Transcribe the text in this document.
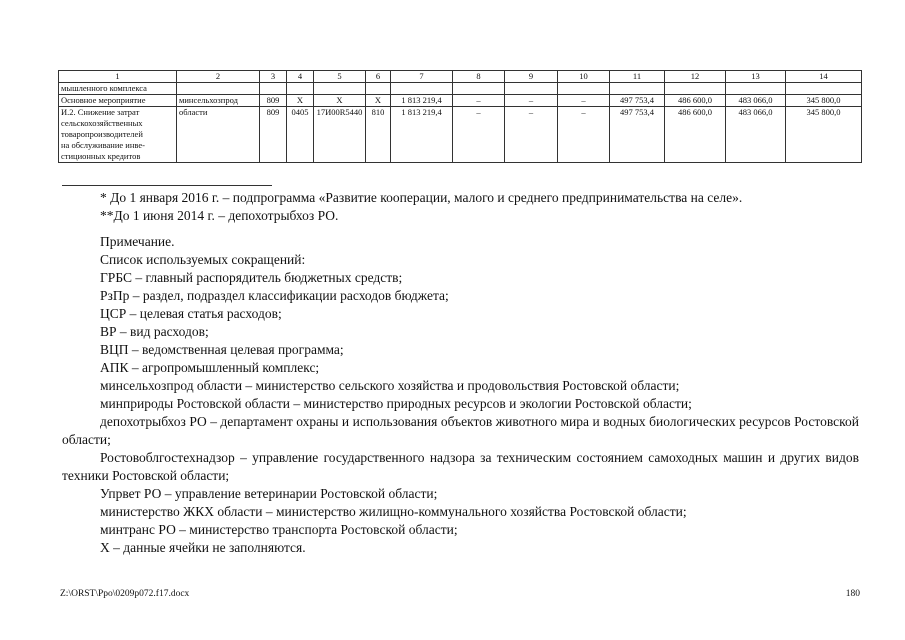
1	2	3	4	5	6	7	8	9	10	11	12	13	14
мышленного комплекса													
Основное мероприятие	минсельхозпрод	809	Х	Х	Х	1 813 219,4	–	–	–	497 753,4	486 600,0	483 066,0	345 800,0

И.2. Снижение затрат
сельскохозяйственных
товаропроизводителей
на обслуживание инве-
стиционных кредитов	области	809	0405	17И00R5440	810	1 813 219,4	–	–	–	497 753,4	486 600,0	483 066,0	345 800,0
* До 1 января 2016 г. – подпрограмма «Развитие кооперации, малого и среднего предпринимательства на селе».
**До 1 июня 2014 г. – депохотрыбхоз РО.
Примечание.
Список используемых сокращений:
ГРБС – главный распорядитель бюджетных средств;
РзПр – раздел, подраздел классификации расходов бюджета;
ЦСР – целевая статья расходов;
ВР – вид расходов;
ВЦП – ведомственная целевая программа;
АПК – агропромышленный комплекс;
минсельхозпрод области – министерство сельского хозяйства и продовольствия Ростовской области;
минприроды Ростовской области – министерство природных ресурсов и экологии Ростовской области;
депохотрыбхоз РО – департамент охраны и использования объектов животного мира и водных биологических ресурсов Ростовской области;
Ростовоблгостехнадзор – управление государственного надзора за техническим состоянием самоходных машин и других видов техники Ростовской области;
Упрвет РО – управление ветеринарии Ростовской области;
министерство ЖКХ области – министерство жилищно-коммунального хозяйства Ростовской области;
минтранс РО – министерство транспорта Ростовской области;
Х – данные ячейки не заполняются.
Z:\ORST\Ppo\0209p072.f17.docx	180
